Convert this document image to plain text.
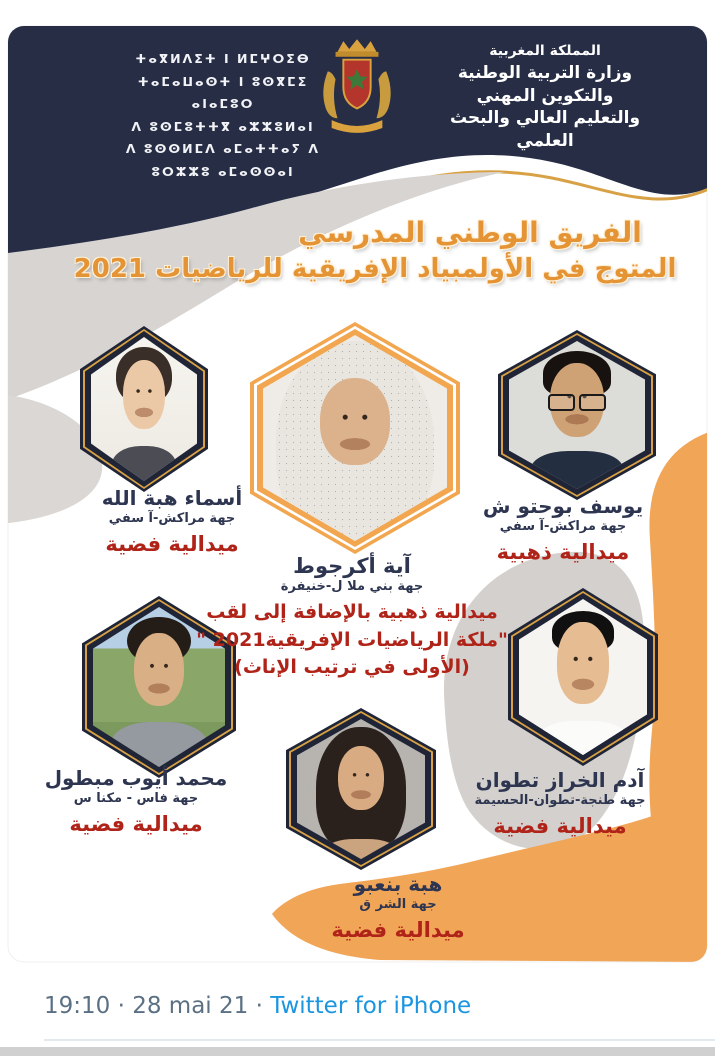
ⵜⴰⴳⵍⴷⵉⵜ ⵏ ⵍⵎⵖⵔⵉⴱ
ⵜⴰⵎⴰⵡⴰⵙⵜ ⵏ ⵓⵙⴳⵎⵉ ⴰⵏⴰⵎⵓⵔ
ⴷ ⵓⵙⵎⵓⵜⵜⴳ ⴰⵣⵣⵓⵍⴰⵏ
ⴷ ⵓⵙⵙⵍⵎⴷ ⴰⵎⴰⵜⵜⴰⵢ ⴷ ⵓⵔⵣⵣⵓ ⴰⵎⴰⵙⵙⴰⵏ
المملكة المغربية
وزارة التربية الوطنية
والتكوين المهني
والتعليم العالي والبحث العلمي
الفريق الوطني المدرسي
المتوج في الأولمبياد الإفريقية للرياضيات 2021
أسماء هبة الله
جهة مراكش-آ سفي
ميدالية فضية
يوسف بوحتو ش
جهة مراكش-آ سفي
ميدالية ذهبية
آية أكرجوط
جهة بني ملا ل-خنيفرة
ميدالية ذهبية بالإضافة إلى لقب
"ملكة الرياضيات الإفريقية2021 "
(الأولى في ترتيب الإناث)
محمد أيوب مبطول
جهة فاس - مكنا س
ميدالية فضية
آدم الخراز تطوان
جهة طنجة-تطوان-الحسيمة
ميدالية فضية
هبة بنعبو
جهة الشر ق
ميدالية فضية
19:10 · 28 mai 21 · Twitter for iPhone
